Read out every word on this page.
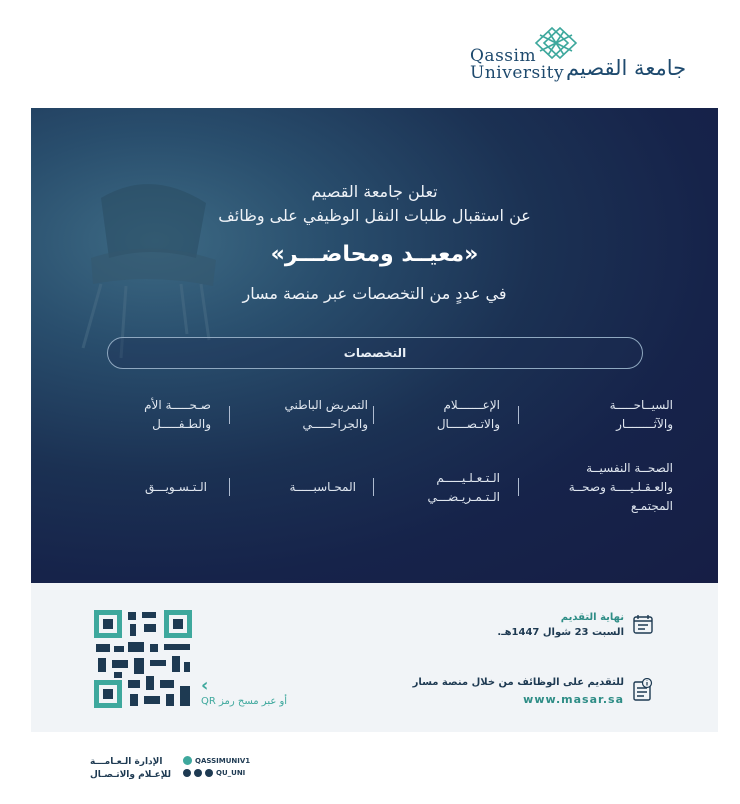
Qassim
University جامعة القصيم
تعلن جامعة القصيم
عن استقبال طلبات النقل الوظيفي على وظائف
«معيــد ومحاضـــر»
في عددٍ من التخصصات عبر منصة مسار
التخصصات
السيــاحـــــة والآثــــــــار
الإعـــــــلام والاتـصـــــال
التمريض الباطني والجراحـــــي
صـحـــــة الأم والطـفـــــل
الصحــة النفسيــة والعـقـلـيــــة وصحــة المجتمـع
الـتـعـلـيـــــم الـتـمـريـضـــي
المحـاسبـــــة
الـتـسـويـــق
‹
أو عبر مسح رمز QR
نهاية التقديم
السبت 23 شوال 1447هـ.
للتقديم على الوظائف من خلال منصة مسار
www.masar.sa
QASSIMUNIV1
QU_UNI
الإدارة الـعـامـــة
للإعـلام والاتـصـال
